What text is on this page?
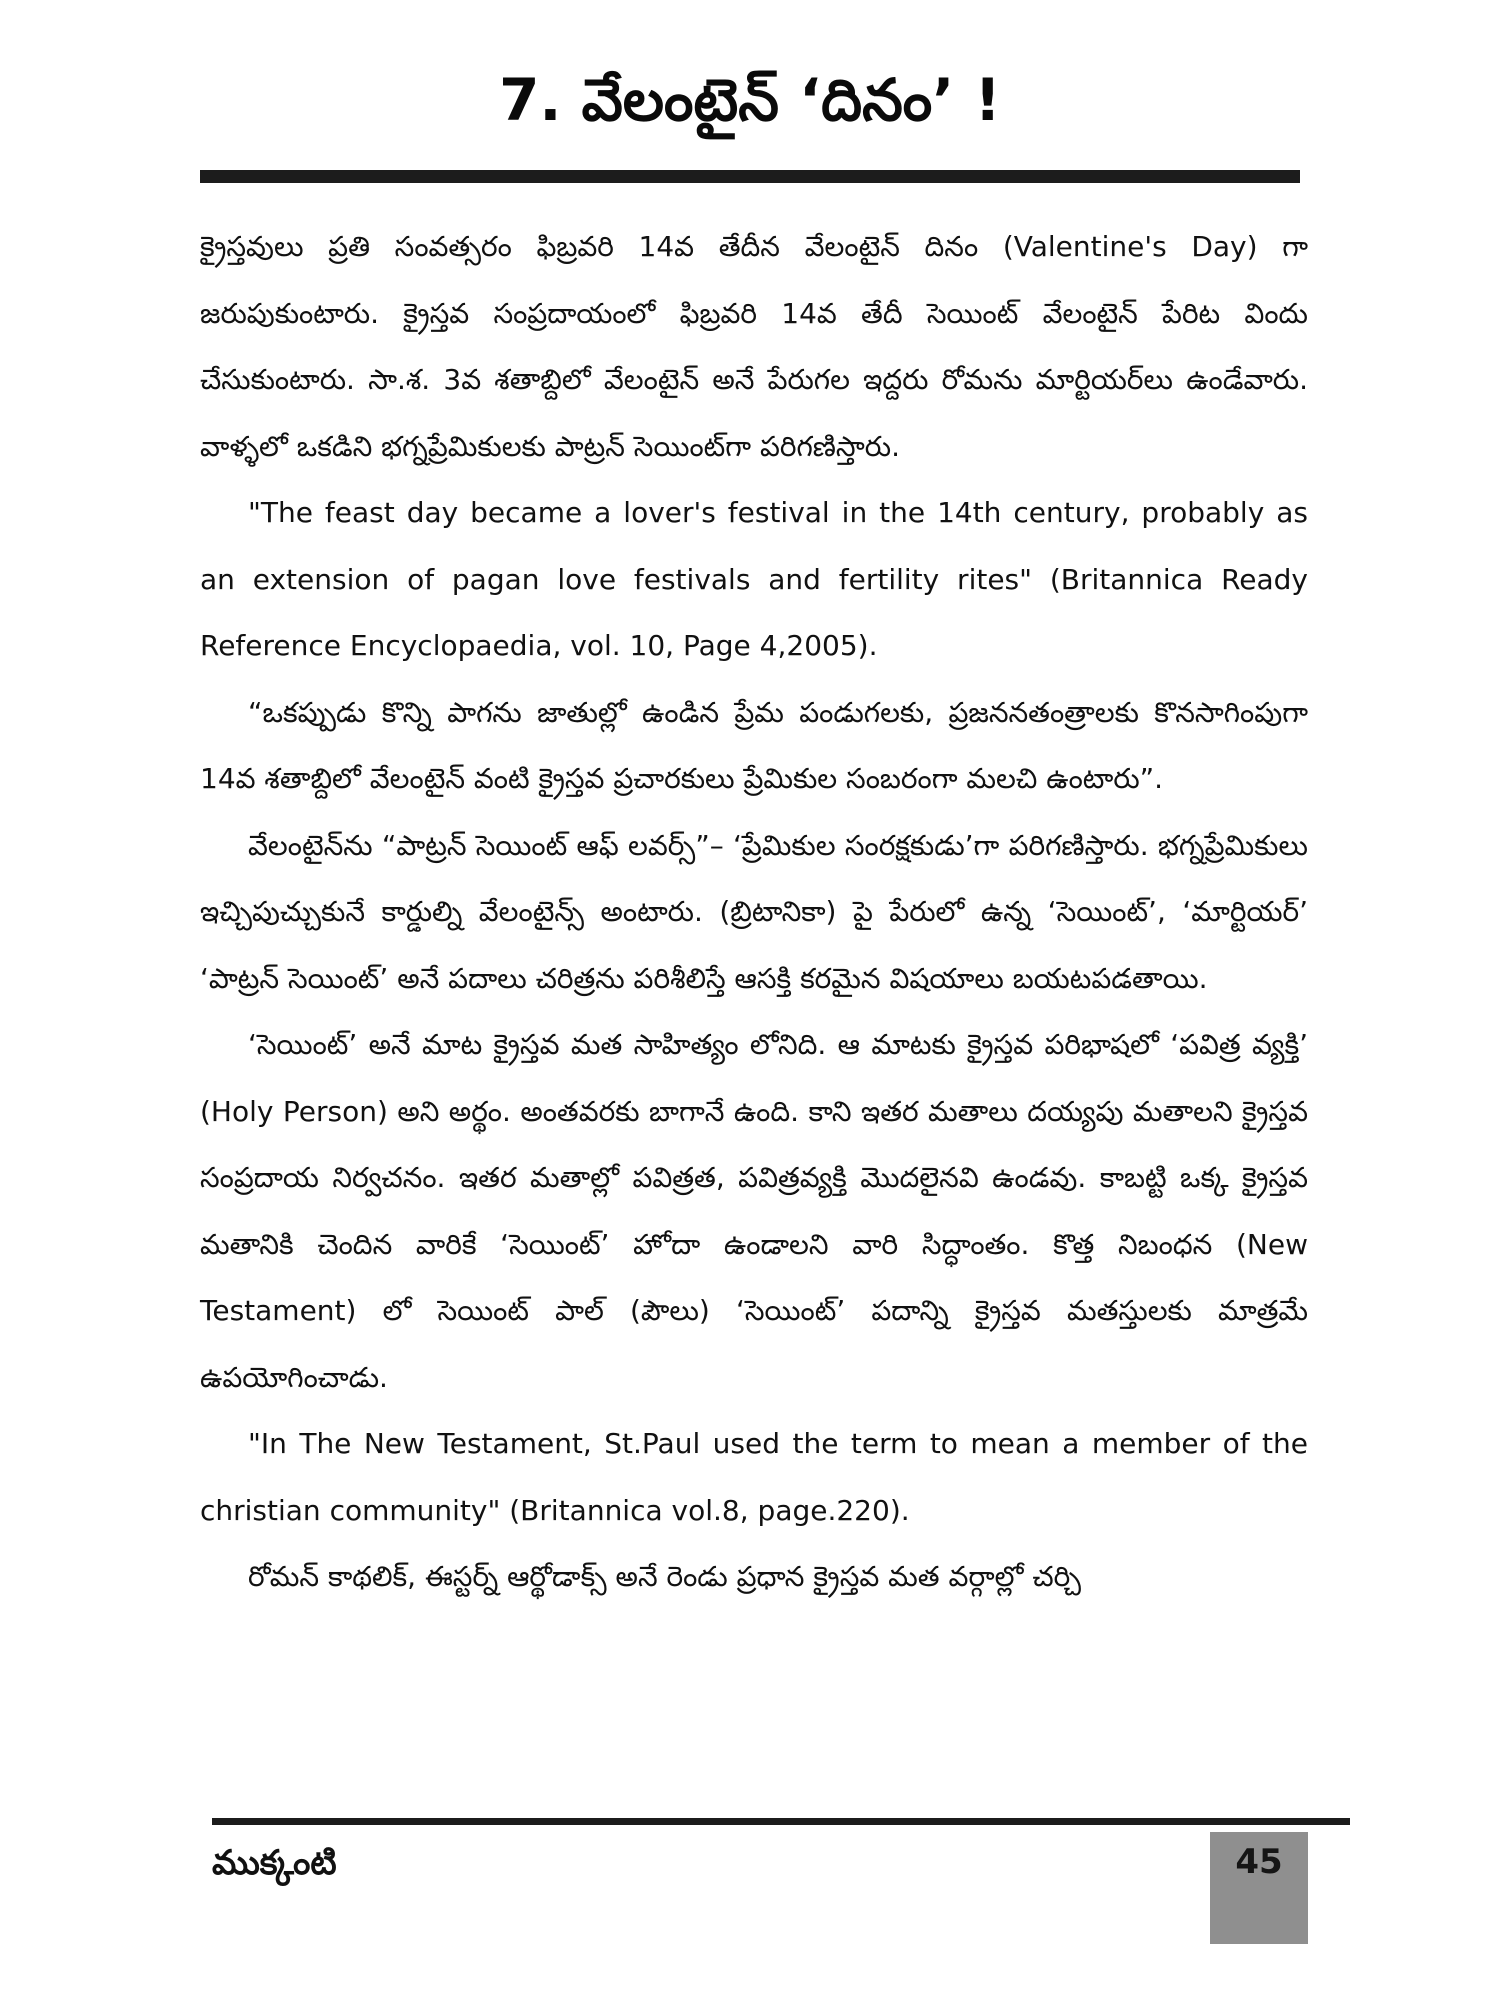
7. వేలంటైన్ ‘దినం’ !

క్రైస్తవులు ప్రతి సంవత్సరం ఫిబ్రవరి 14వ తేదీన వేలంటైన్ దినం (Valentine's Day) గా జరుపుకుంటారు. క్రైస్తవ సంప్రదాయంలో ఫిబ్రవరి 14వ తేదీ సెయింట్ వేలంటైన్ పేరిట విందు చేసుకుంటారు. సా.శ. 3వ శతాబ్దిలో వేలంటైన్ అనే పేరుగల ఇద్దరు రోమను మార్టియర్‌లు ఉండేవారు. వాళ్ళలో ఒకడిని భగ్నప్రేమికులకు పాట్రన్ సెయింట్‌గా పరిగణిస్తారు.

"The feast day became a lover's festival in the 14th century, probably as an extension of pagan love festivals and fertility rites" (Britannica Ready Reference Encyclopaedia, vol. 10, Page 4,2005).

“ఒకప్పుడు కొన్ని పాగను జాతుల్లో ఉండిన ప్రేమ పండుగలకు, ప్రజననతంత్రాలకు కొనసాగింపుగా 14వ శతాబ్దిలో వేలంటైన్ వంటి క్రైస్తవ ప్రచారకులు ప్రేమికుల సంబరంగా మలచి ఉంటారు”.

వేలంటైన్‌ను “పాట్రన్ సెయింట్ ఆఫ్ లవర్స్”– ‘ప్రేమికుల సంరక్షకుడు’గా పరిగణిస్తారు. భగ్నప్రేమికులు ఇచ్చిపుచ్చుకునే కార్డుల్ని వేలంటైన్స్ అంటారు. (బ్రిటానికా) పై పేరులో ఉన్న ‘సెయింట్’, ‘మార్టియర్’ ‘పాట్రన్ సెయింట్’ అనే పదాలు చరిత్రను పరిశీలిస్తే ఆసక్తి కరమైన విషయాలు బయటపడతాయి.

‘సెయింట్’ అనే మాట క్రైస్తవ మత సాహిత్యం లోనిది. ఆ మాటకు క్రైస్తవ పరిభాషలో ‘పవిత్ర వ్యక్తి’ (Holy Person) అని అర్థం. అంతవరకు బాగానే ఉంది. కాని ఇతర మతాలు దయ్యపు మతాలని క్రైస్తవ సంప్రదాయ నిర్వచనం. ఇతర మతాల్లో పవిత్రత, పవిత్రవ్యక్తి మొదలైనవి ఉండవు. కాబట్టి ఒక్క క్రైస్తవ మతానికి చెందిన వారికే ‘సెయింట్’ హోదా ఉండాలని వారి సిద్ధాంతం. కొత్త నిబంధన (New Testament) లో సెయింట్ పాల్ (పౌలు) ‘సెయింట్’ పదాన్ని క్రైస్తవ మతస్తులకు మాత్రమే ఉపయోగించాడు.

"In The New Testament, St.Paul used the term to mean a member of the christian community" (Britannica vol.8, page.220).

రోమన్ కాథలిక్, ఈస్టర్న్ ఆర్థోడాక్స్ అనే రెండు ప్రధాన క్రైస్తవ మత వర్గాల్లో చర్చి

ముక్కంటి	45
